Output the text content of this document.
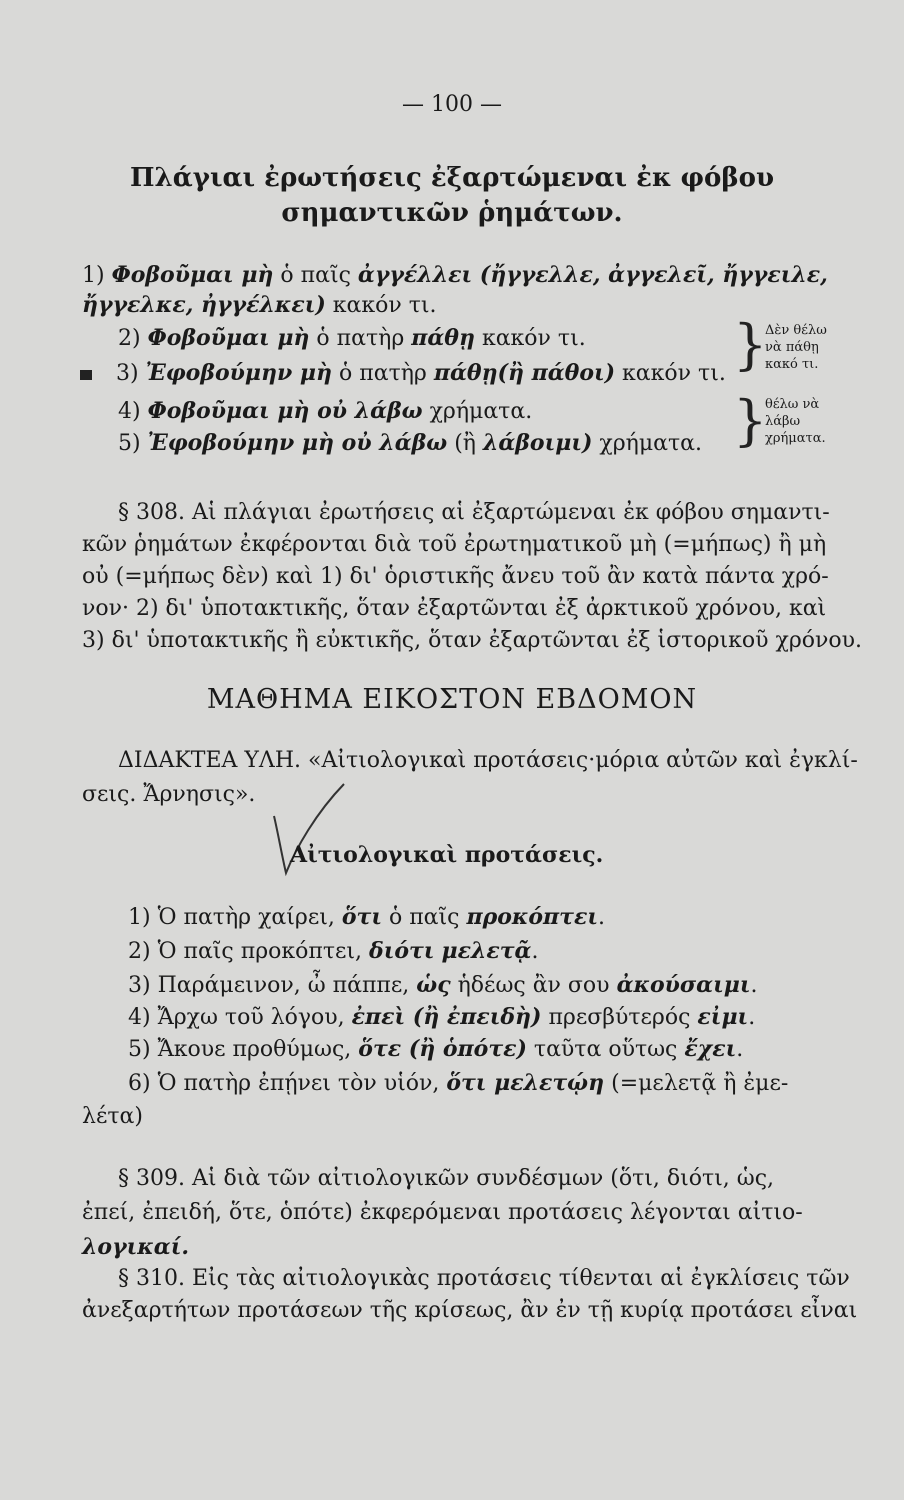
— 100 —
Πλάγιαι ἐρωτήσεις ἐξαρτώμεναι ἐκ φόβου
σημαντικῶν ῥημάτων.
1) Φοβοῦμαι μὴ ὁ παῖς ἀγγέλλει (ἤγγελλε, ἀγγελεῖ, ἤγγειλε,
ἤγγελκε, ἠγγέλκει) κακόν τι.
2) Φοβοῦμαι μὴ ὁ πατὴρ πάθῃ κακόν τι.
3) Ἐφοβούμην μὴ ὁ πατὴρ πάθῃ(ἢ πάθοι) κακόν τι.
4) Φοβοῦμαι μὴ οὐ λάβω χρήματα.
5) Ἐφοβούμην μὴ οὐ λάβω (ἢ λάβοιμι) χρήματα.
}
Δὲν θέλω
νὰ πάθῃ
κακό τι.
}
θέλω νὰ
λάβω
χρήματα.
§ 308. Αἱ πλάγιαι ἐρωτήσεις αἱ ἐξαρτώμεναι ἐκ φόβου σημαντι-
κῶν ῥημάτων ἐκφέρονται διὰ τοῦ ἐρωτηματικοῦ μὴ (=μήπως) ἢ μὴ
οὐ (=μήπως δὲν) καὶ 1) δι' ὁριστικῆς ἄνευ τοῦ ἂν κατὰ πάντα χρό-
νον· 2) δι' ὑποτακτικῆς, ὅταν ἐξαρτῶνται ἐξ ἀρκτικοῦ χρόνου, καὶ
3) δι' ὑποτακτικῆς ἢ εὐκτικῆς, ὅταν ἐξαρτῶνται ἐξ ἱστορικοῦ χρόνου.
ΜΑΘΗΜΑ ΕΙΚΟΣΤΟΝ ΕΒΔΟΜΟΝ
ΔΙΔΑΚΤΕΑ ΥΛΗ. «Αἰτιολογικαὶ προτάσεις·μόρια αὐτῶν καὶ ἐγκλί-
σεις. Ἄρνησις».
Αἰτιολογικαὶ προτάσεις.
1) Ὁ πατὴρ χαίρει, ὅτι ὁ παῖς προκόπτει.
2) Ὁ παῖς προκόπτει, διότι μελετᾷ.
3) Παράμεινον, ὦ πάππε, ὡς ἡδέως ἂν σου ἀκούσαιμι.
4) Ἄρχω τοῦ λόγου, ἐπεὶ (ἢ ἐπειδὴ) πρεσβύτερός εἰμι.
5) Ἄκουε προθύμως, ὅτε (ἢ ὁπότε) ταῦτα οὕτως ἔχει.
6) Ὁ πατὴρ ἐπῄνει τὸν υἱόν, ὅτι μελετῴη (=μελετᾷ ἢ ἐμε-
λέτα)
§ 309. Αἱ διὰ τῶν αἰτιολογικῶν συνδέσμων (ὅτι, διότι, ὡς,
ἐπεί, ἐπειδή, ὅτε, ὁπότε) ἐκφερόμεναι προτάσεις λέγονται αἰτιο-
λογικαί.
§ 310. Εἰς τὰς αἰτιολογικὰς προτάσεις τίθενται αἱ ἐγκλίσεις τῶν
ἀνεξαρτήτων προτάσεων τῆς κρίσεως, ἂν ἐν τῇ κυρίᾳ προτάσει εἶναι
